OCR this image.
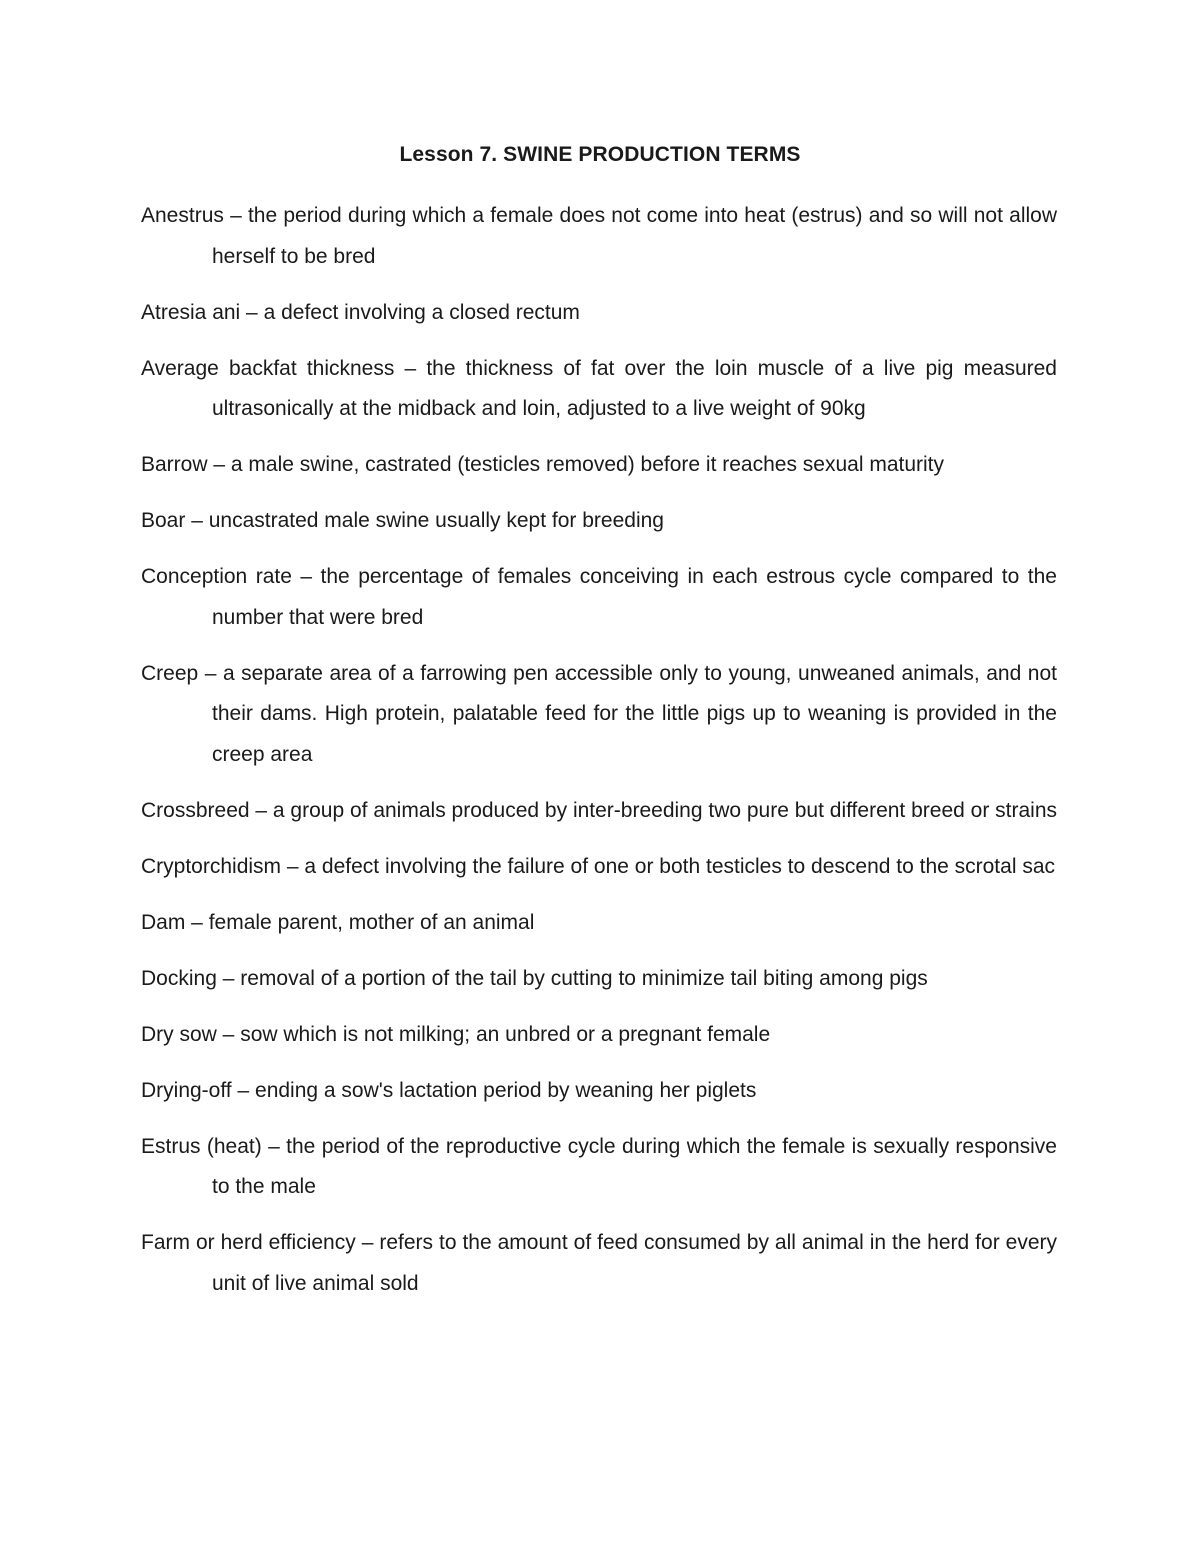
Lesson 7. SWINE PRODUCTION TERMS

Anestrus – the period during which a female does not come into heat (estrus) and so will not allow herself to be bred

Atresia ani – a defect involving a closed rectum

Average backfat thickness – the thickness of fat over the loin muscle of a live pig measured ultrasonically at the midback and loin, adjusted to a live weight of 90kg

Barrow – a male swine, castrated (testicles removed) before it reaches sexual maturity

Boar – uncastrated male swine usually kept for breeding

Conception rate – the percentage of females conceiving in each estrous cycle compared to the number that were bred

Creep – a separate area of a farrowing pen accessible only to young, unweaned animals, and not their dams. High protein, palatable feed for the little pigs up to weaning is provided in the creep area

Crossbreed – a group of animals produced by inter-breeding two pure but different breed or strains

Cryptorchidism – a defect involving the failure of one or both testicles to descend to the scrotal sac

Dam – female parent, mother of an animal

Docking – removal of a portion of the tail by cutting to minimize tail biting among pigs

Dry sow – sow which is not milking; an unbred or a pregnant female

Drying-off – ending a sow's lactation period by weaning her piglets

Estrus (heat) – the period of the reproductive cycle during which the female is sexually responsive to the male

Farm or herd efficiency – refers to the amount of feed consumed by all animal in the herd for every unit of live animal sold
